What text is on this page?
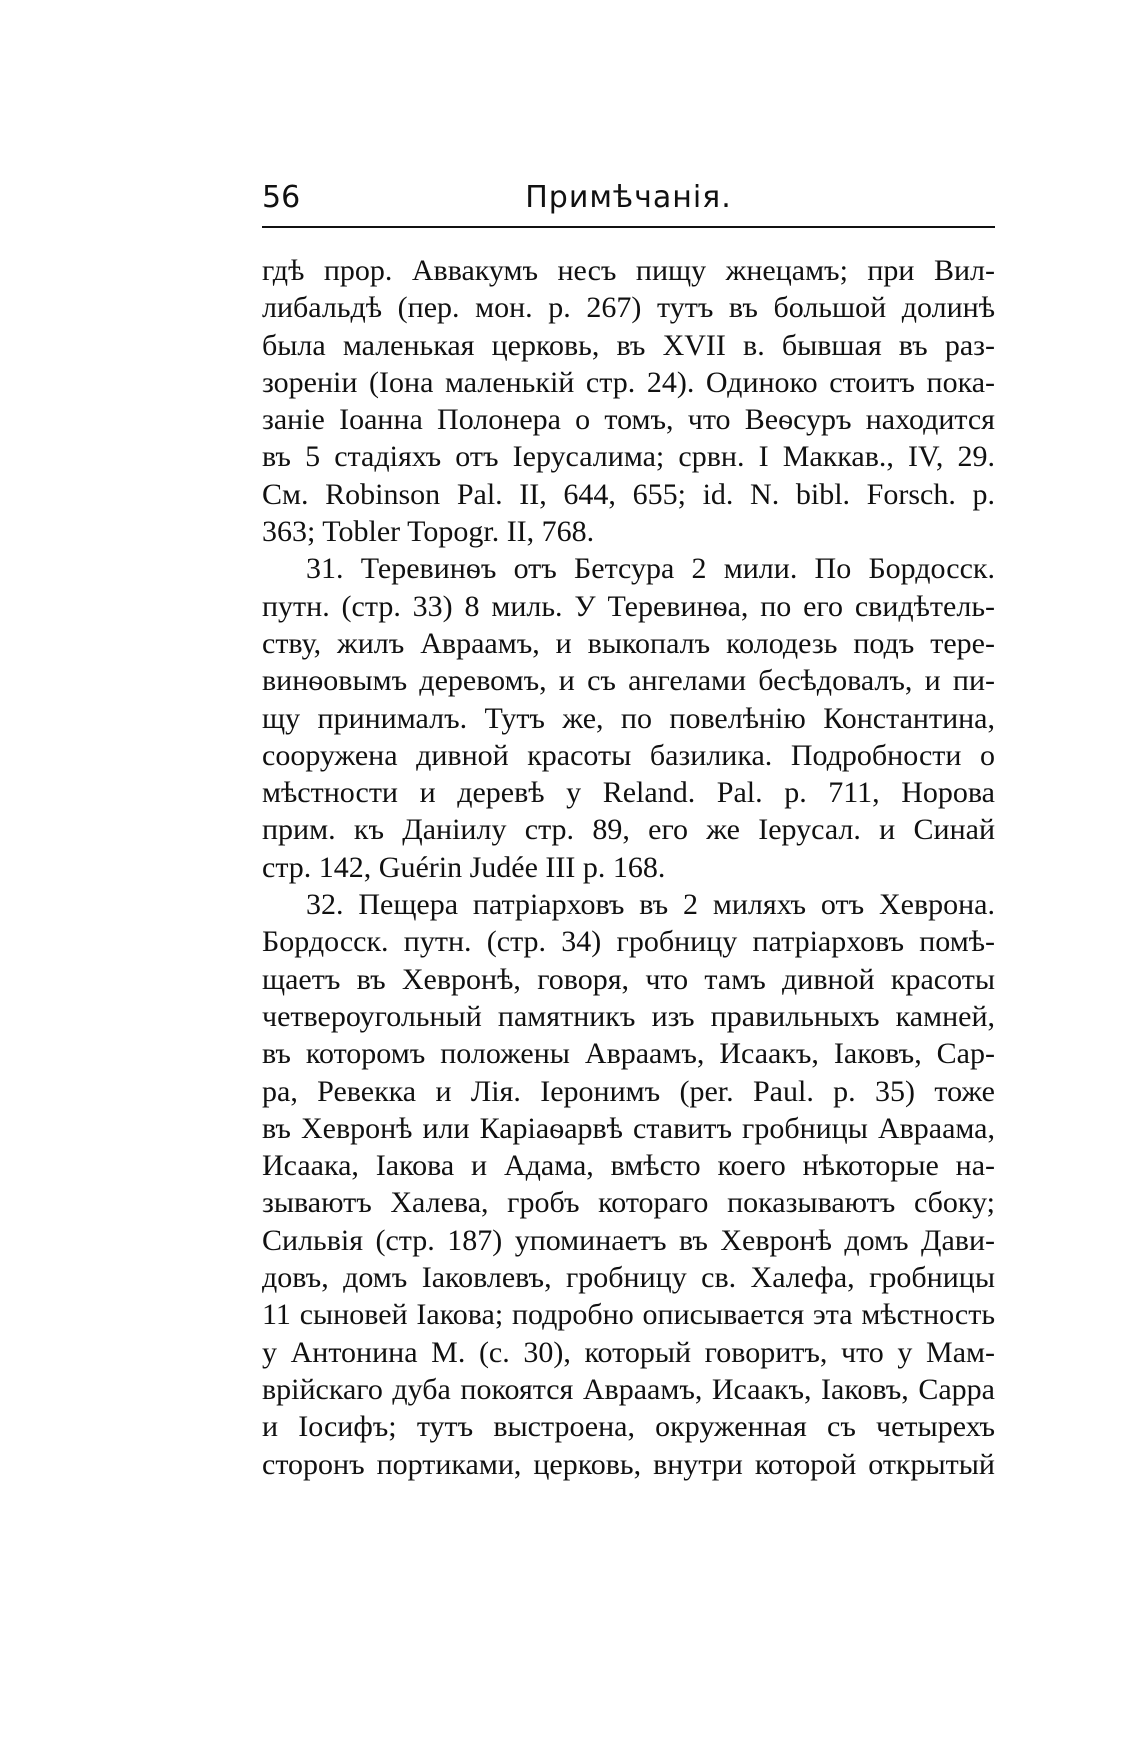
56	Примѣчанія.
гдѣ прор. Аввакумъ несъ пищу жнецамъ; при Вил-
либальдѣ (пер. мон. р. 267) тутъ въ большой долинѣ
была маленькая церковь, въ XVII в. бывшая въ раз-
зореніи (Іона маленькій стр. 24). Одиноко стоитъ пока-
заніе Іоанна Полонера о томъ, что Веѳсуръ находится
въ 5 стадіяхъ отъ Іерусалима; срвн. I Маккав., IV, 29.
См. Robinson Pal. II, 644, 655; id. N. bibl. Forsch. p.
363; Tobler Topogr. II, 768.
31. Теревинѳъ отъ Бетсура 2 мили. По Бордосск.
путн. (стр. 33) 8 миль. У Теревинѳа, по его свидѣтель-
ству, жилъ Авраамъ, и выкопалъ колодезь подъ тере-
винѳовымъ деревомъ, и съ ангелами бесѣдовалъ, и пи-
щу принималъ. Тутъ же, по повелѣнію Константина,
сооружена дивной красоты базилика. Подробности о
мѣстности и деревѣ у Reland. Pal. p. 711, Норова
прим. къ Даніилу стр. 89, его же Іерусал. и Синай
стр. 142, Guérin Judée III p. 168.
32. Пещера патріарховъ въ 2 миляхъ отъ Хеврона.
Бордосск. путн. (стр. 34) гробницу патріарховъ помѣ-
щаетъ въ Хевронѣ, говоря, что тамъ дивной красоты
четвероугольный памятникъ изъ правильныхъ камней,
въ которомъ положены Авраамъ, Исаакъ, Іаковъ, Сар-
ра, Ревекка и Лія. Іеронимъ (per. Paul. p. 35) тоже
въ Хевронѣ или Каріаѳарвѣ ставитъ гробницы Авраама,
Исаака, Іакова и Адама, вмѣсто коего нѣкоторые на-
зываютъ Халева, гробъ котораго показываютъ сбоку;
Сильвія (стр. 187) упоминаетъ въ Хевронѣ домъ Дави-
довъ, домъ Іаковлевъ, гробницу св. Халефа, гробницы
11 сыновей Іакова; подробно описывается эта мѣстность
у Антонина М. (с. 30), который говоритъ, что у Мам-
врійскаго дуба покоятся Авраамъ, Исаакъ, Іаковъ, Сарра
и Іосифъ; тутъ выстроена, окруженная съ четырехъ
сторонъ портиками, церковь, внутри которой открытый
